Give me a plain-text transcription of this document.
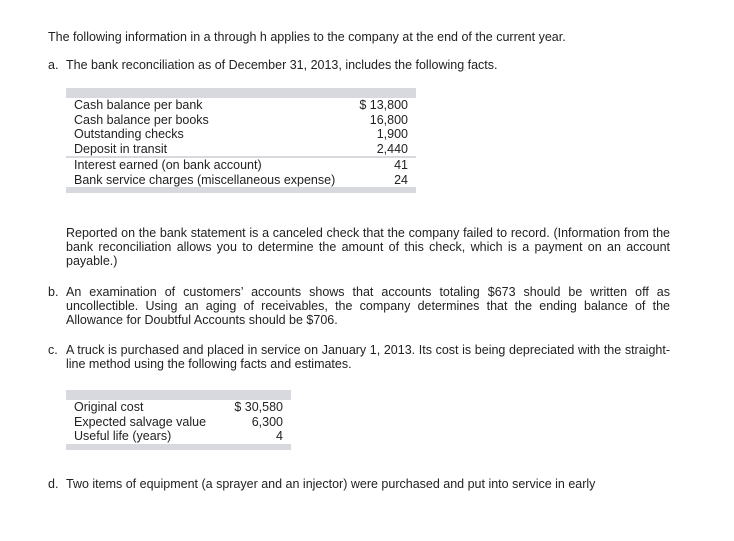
The following information in a through h applies to the company at the end of the current year.
a. The bank reconciliation as of December 31, 2013, includes the following facts.
Cash balance per bank	$ 13,800
Cash balance per books	16,800
Outstanding checks	1,900
Deposit in transit	2,440
Interest earned (on bank account)	41
Bank service charges (miscellaneous expense)	24
Reported on the bank statement is a canceled check that the company failed to record. (Information from the bank reconciliation allows you to determine the amount of this check, which is a payment on an account payable.)
b. An examination of customers’ accounts shows that accounts totaling $673 should be written off as uncollectible. Using an aging of receivables, the company determines that the ending balance of the Allowance for Doubtful Accounts should be $706.
c. A truck is purchased and placed in service on January 1, 2013. Its cost is being depreciated with the straight-line method using the following facts and estimates.
Original cost	$ 30,580
Expected salvage value	6,300
Useful life (years)	4
d. Two items of equipment (a sprayer and an injector) were purchased and put into service in early
